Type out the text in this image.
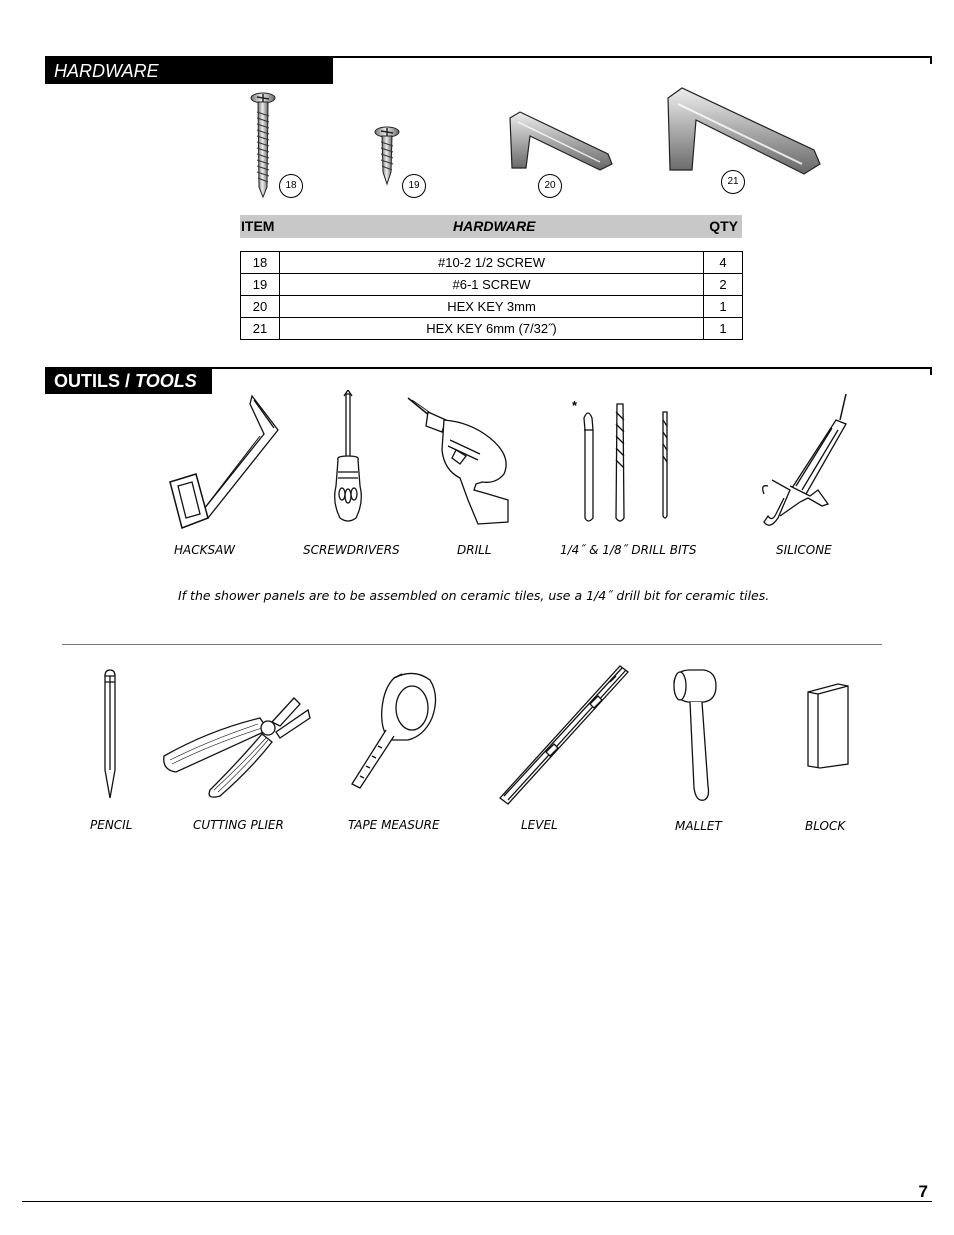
HARDWARE
18	19	20	21
ITEM	HARDWARE	QTY
18	#10-2 1/2 SCREW	4
19	#6-1 SCREW	2
20	HEX KEY 3mm	1
21	HEX KEY 6mm (7/32˝)	1
OUTILS / TOOLS
*
HACKSAW	SCREWDRIVERS	DRILL	1/4˝ & 1/8˝ DRILL BITS	SILICONE
If the shower panels are to be assembled on ceramic tiles, use a 1/4˝ drill bit for ceramic tiles.
PENCIL	CUTTING PLIER	TAPE MEASURE	LEVEL	MALLET	BLOCK
7
